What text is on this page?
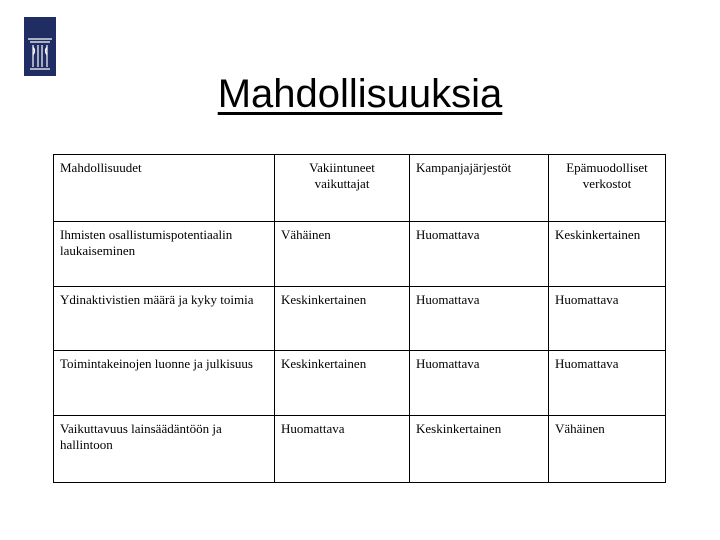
Mahdollisuuksia
Mahdollisuudet	Vakiintuneet vaikuttajat	Kampanjajärjestöt	Epämuodolliset verkostot
Ihmisten osallistumispotentiaalin laukaiseminen	Vähäinen	Huomattava	Keskinkertainen
Ydinaktivistien määrä ja kyky toimia	Keskinkertainen	Huomattava	Huomattava
Toimintakeinojen luonne ja julkisuus	Keskinkertainen	Huomattava	Huomattava
Vaikuttavuus lainsäädäntöön ja hallintoon	Huomattava	Keskinkertainen	Vähäinen
